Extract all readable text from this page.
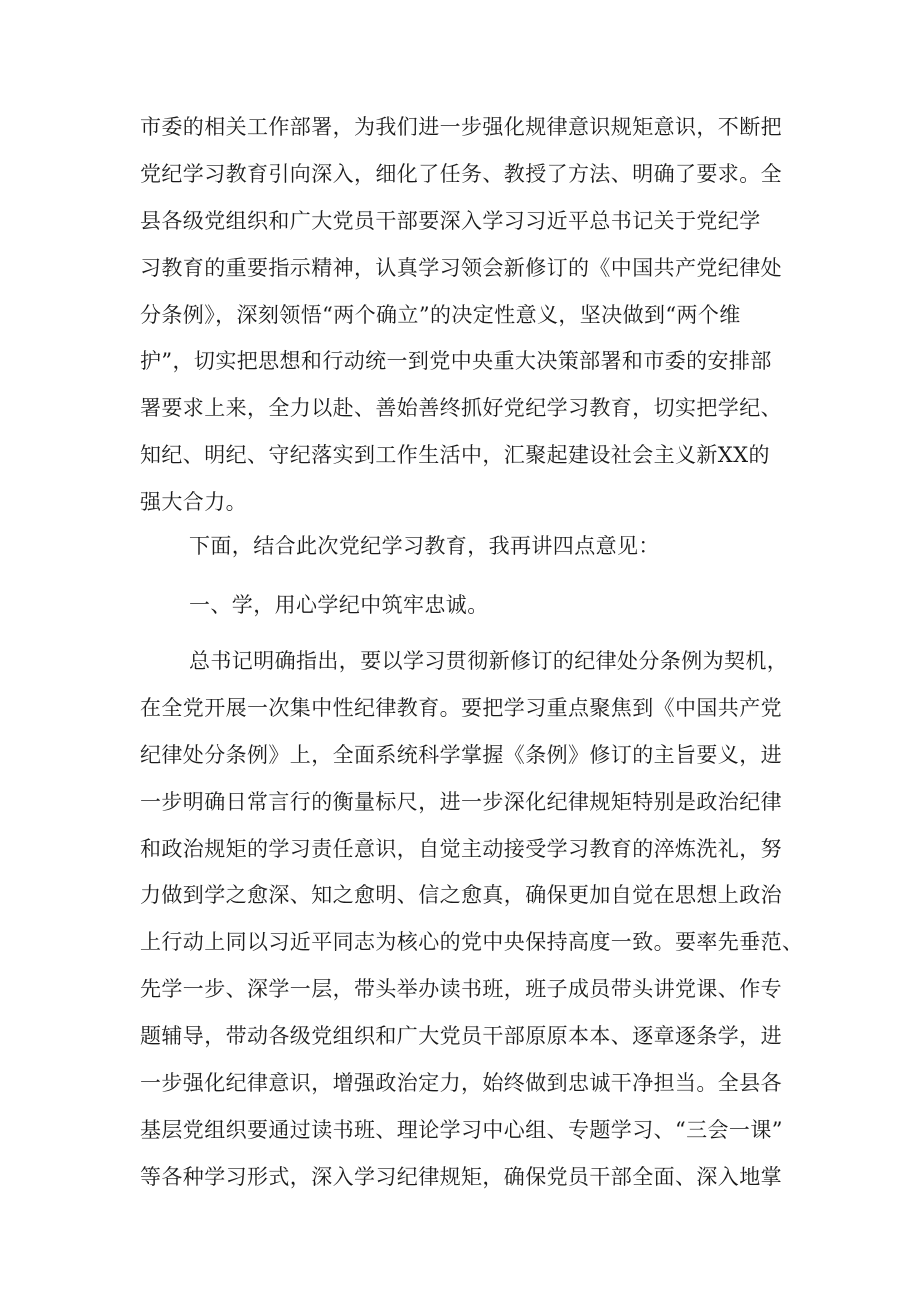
市委的相关工作部署，为我们进一步强化规律意识规矩意识，不断把
党纪学习教育引向深入，细化了任务、教授了方法、明确了要求。全
县各级党组织和广大党员干部要深入学习习近平总书记关于党纪学
习教育的重要指示精神，认真学习领会新修订的《中国共产党纪律处
分条例》，深刻领悟“两个确立”的决定性意义，坚决做到“两个维
护”，切实把思想和行动统一到党中央重大决策部署和市委的安排部
署要求上来，全力以赴、善始善终抓好党纪学习教育，切实把学纪、
知纪、明纪、守纪落实到工作生活中，汇聚起建设社会主义新XX的
强大合力。
下面，结合此次党纪学习教育，我再讲四点意见：
一、学，用心学纪中筑牢忠诚。
总书记明确指出，要以学习贯彻新修订的纪律处分条例为契机，
在全党开展一次集中性纪律教育。要把学习重点聚焦到《中国共产党
纪律处分条例》上，全面系统科学掌握《条例》修订的主旨要义，进
一步明确日常言行的衡量标尺，进一步深化纪律规矩特别是政治纪律
和政治规矩的学习责任意识，自觉主动接受学习教育的淬炼洗礼，努
力做到学之愈深、知之愈明、信之愈真，确保更加自觉在思想上政治
上行动上同以习近平同志为核心的党中央保持高度一致。要率先垂范、
先学一步、深学一层，带头举办读书班，班子成员带头讲党课、作专
题辅导，带动各级党组织和广大党员干部原原本本、逐章逐条学，进
一步强化纪律意识，增强政治定力，始终做到忠诚干净担当。全县各
基层党组织要通过读书班、理论学习中心组、专题学习、“三会一课”
等各种学习形式，深入学习纪律规矩，确保党员干部全面、深入地掌
